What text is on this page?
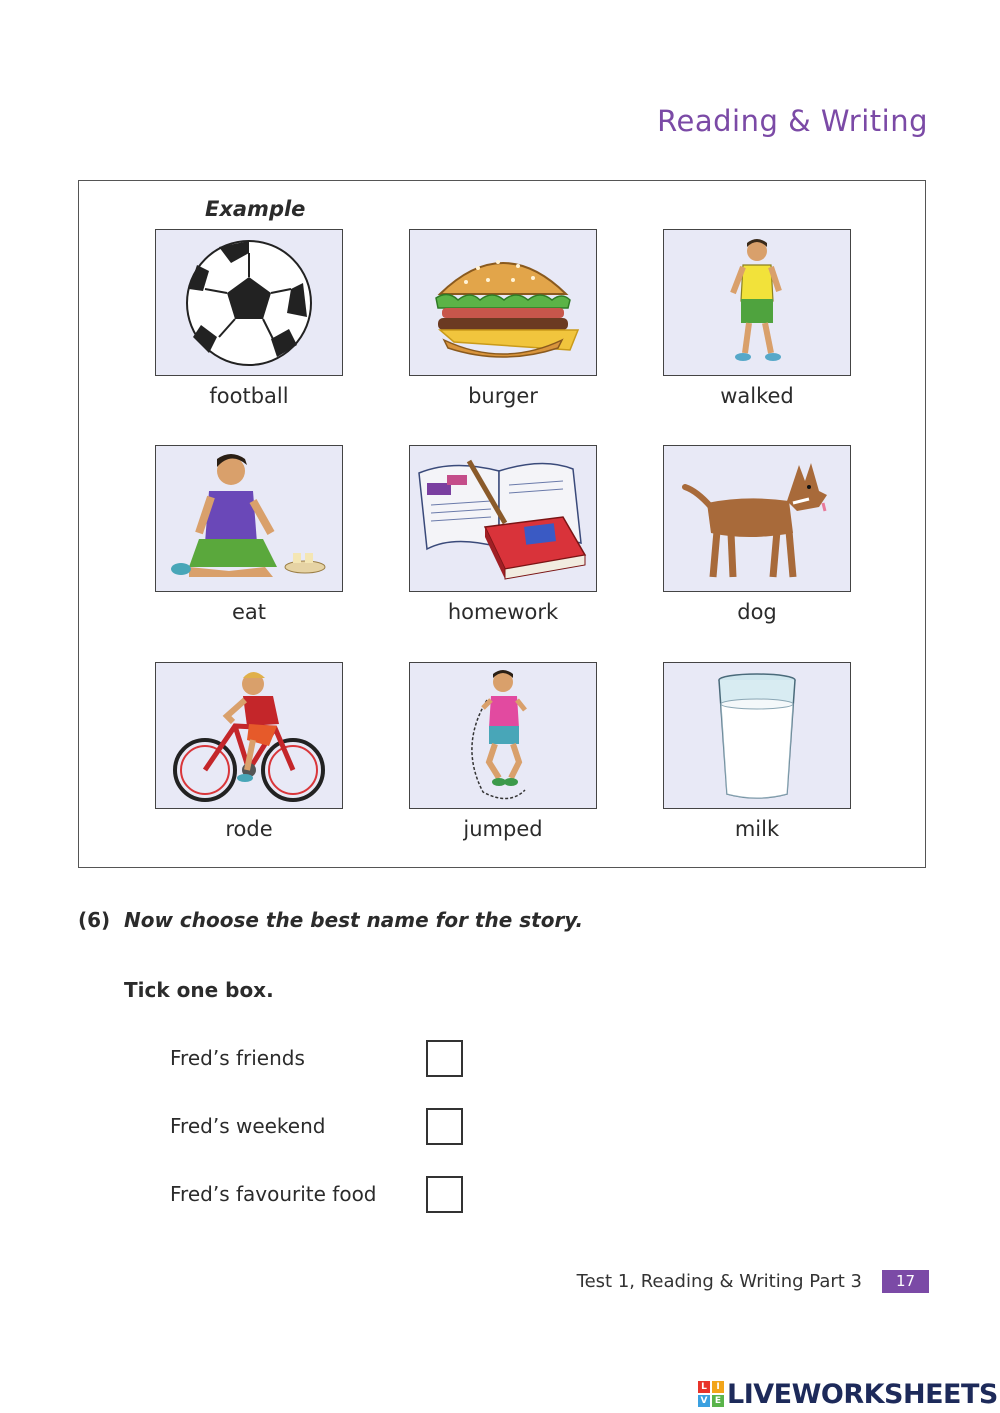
Reading & Writing
Example
football	burger	walked
eat	homework	dog
rode	jumped	milk
(6) Now choose the best name for the story.
Tick one box.
Fred’s friends
Fred’s weekend
Fred’s favourite food
Test 1, Reading & Writing Part 3	17
L	I
V E LIVEWORKSHEETS
